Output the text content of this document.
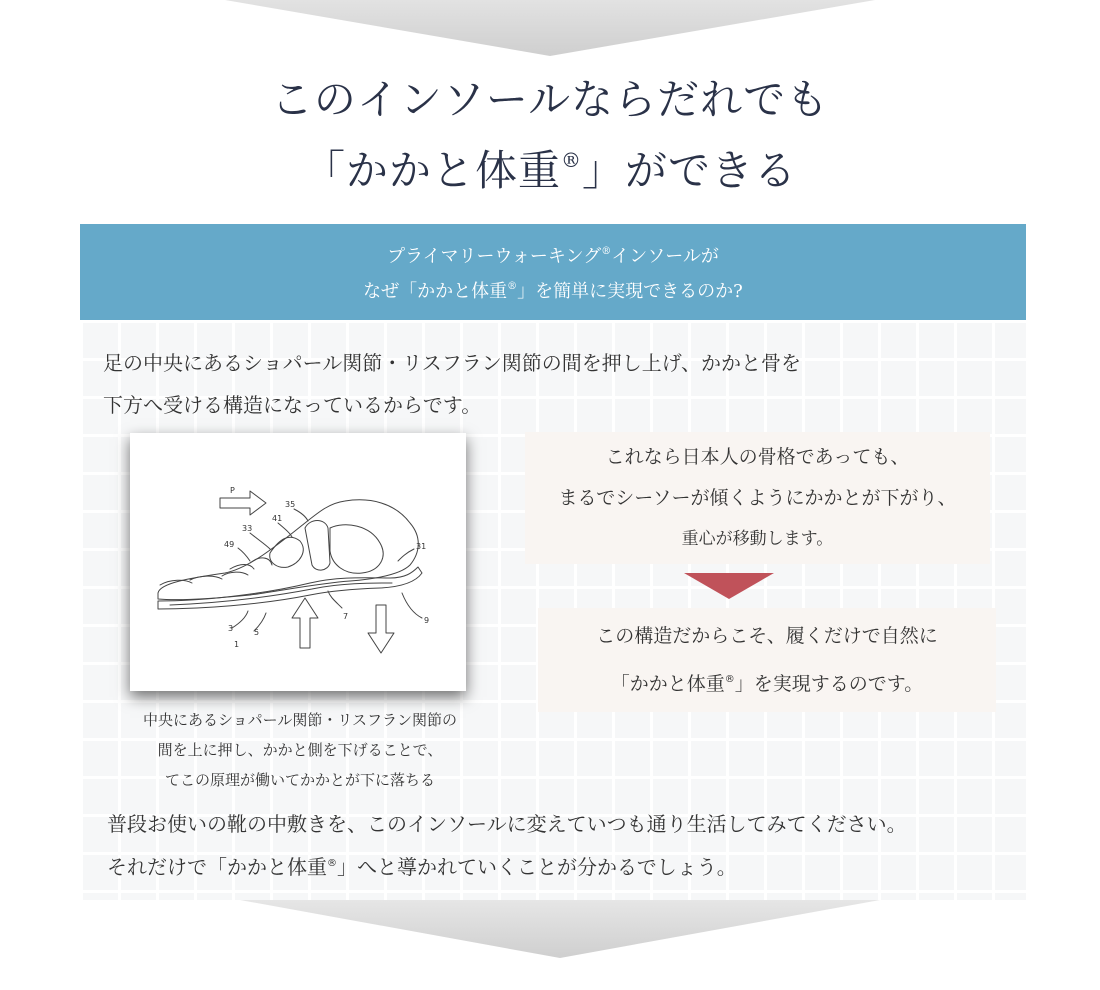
このインソールならだれでも
「かかと体重®」ができる
プライマリーウォーキング®インソールが
なぜ「かかと体重®」を簡単に実現できるのか?
足の中央にあるショパール関節・リスフラン関節の間を押し上げ、かかと骨を
下方へ受ける構造になっているからです。
P
35
41
33
49	31
7	9
3	5
1
中央にあるショパール関節・リスフラン関節の
間を上に押し、かかと側を下げることで、
てこの原理が働いてかかとが下に落ちる
これなら日本人の骨格であっても、
まるでシーソーが傾くようにかかとが下がり、
重心が移動します。
この構造だからこそ、履くだけで自然に
「かかと体重®」を実現するのです。
普段お使いの靴の中敷きを、このインソールに変えていつも通り生活してみてください。
それだけで「かかと体重®」へと導かれていくことが分かるでしょう。
